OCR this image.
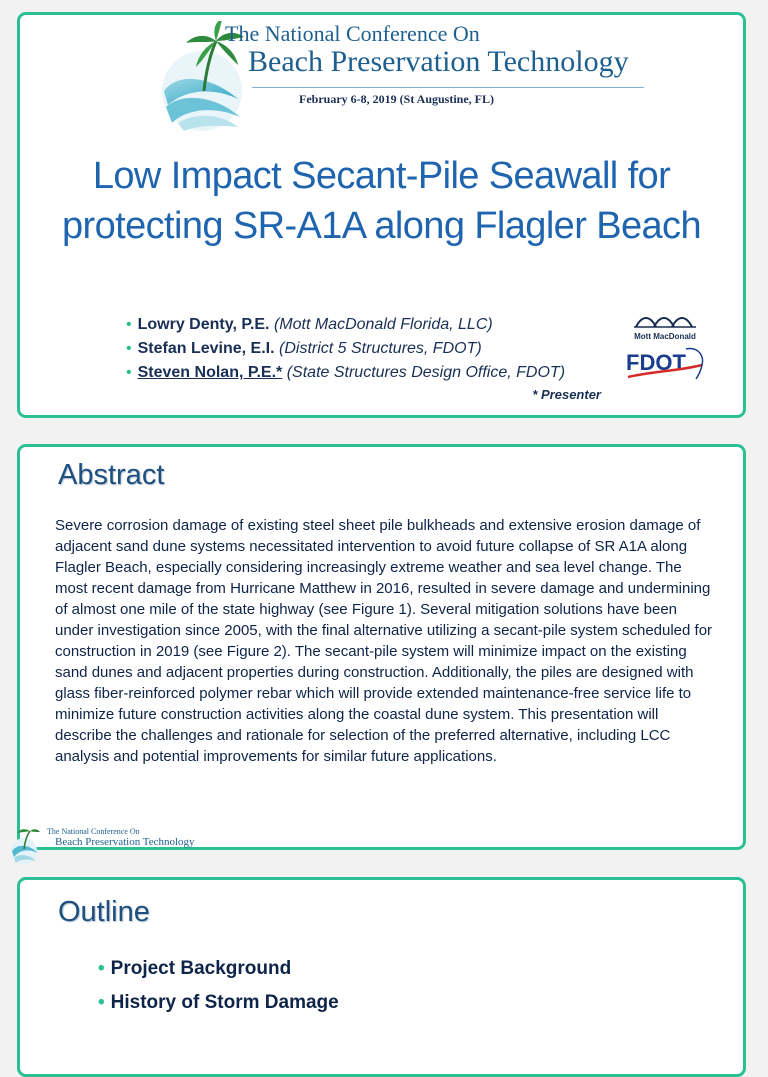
The National Conference On
Beach Preservation Technology
February 6-8, 2019 (St Augustine, FL)
Low Impact Secant-Pile Seawall for
protecting SR-A1A along Flagler Beach
• Lowry Denty, P.E. (Mott MacDonald Florida, LLC)
• Stefan Levine, E.I. (District 5 Structures, FDOT)
• Steven Nolan, P.E.* (State Structures Design Office, FDOT)
* Presenter
Mott MacDonald
FDOT
Abstract

Severe corrosion damage of existing steel sheet pile bulkheads and extensive erosion damage of adjacent sand dune systems necessitated intervention to avoid future collapse of SR A1A along Flagler Beach, especially considering increasingly extreme weather and sea level change. The most recent damage from Hurricane Matthew in 2016, resulted in severe damage and undermining of almost one mile of the state highway (see Figure 1). Several mitigation solutions have been under investigation since 2005, with the final alternative utilizing a secant-pile system scheduled for construction in 2019 (see Figure 2). The secant-pile system will minimize impact on the existing sand dunes and adjacent properties during construction. Additionally, the piles are designed with glass fiber-reinforced polymer rebar which will provide extended maintenance-free service life to minimize future construction activities along the coastal dune system. This presentation will describe the challenges and rationale for selection of the preferred alternative, including LCC analysis and potential improvements for similar future applications.

The National Conference On
Beach Preservation Technology
Outline
• Project Background
• History of Storm Damage
